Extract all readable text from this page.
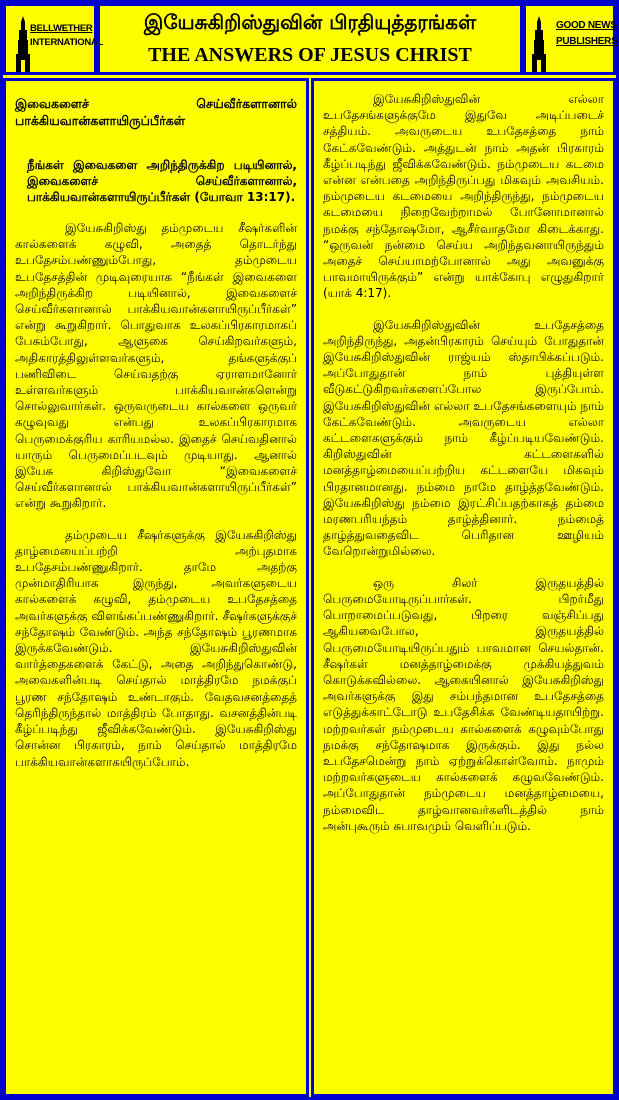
BELLWETHER
INTERNATIONAL
இயேசுகிறிஸ்துவின் பிரதியுத்தரங்கள்
THE ANSWERS OF JESUS CHRIST
GOOD NEWS
PUBLISHERS

இவைகளைச் செய்வீர்களானால் பாக்கியவான்களாயிருப்பீர்கள்

நீங்கள் இவைகளை அறிந்திருக்கிற படியினால், இவைகளைச் செய்வீர்களானால், பாக்கியவான்களாயிருப்பீர்கள் (யோவா 13:17).

இயேசுகிறிஸ்து தம்முடைய சீஷர்களின் கால்களைக் கழுவி, அதைத் தொடர்ந்து உபதேசம்பண்ணும்போது, தம்முடைய உபதேசத்தின் முடிவுரையாக “நீங்கள் இவைகளை அறிந்திருக்கிற படியினால், இவைகளைச் செய்வீர்களானால் பாக்கியவான்களாயிருப்பீர்கள்” என்று கூறுகிறார். பொதுவாக உலகப்பிரகாரமாகப் பேசும்போது, ஆளுகை செய்கிறவர்களும், அதிகாரத்திலுள்ளவர்களும், தங்களுக்குப் பணிவிடை செய்வதற்கு ஏராளமானோர் உள்ளவர்களும் பாக்கியவான்களென்று சொல்லுவார்கள். ஒருவருடைய கால்களை ஒருவர் கழுவுவது என்பது உலகப்பிரகாரமாக பெருமைக்குரிய காரியமல்ல. இதைச் செய்வதினால் யாரும் பெருமைப்படவும் முடியாது. ஆனால் இயேசு கிறிஸ்துவோ “இவைகளைச் செய்வீர்களானால் பாக்கியவான்களாயிருப்பீர்கள்” என்று கூறுகிறார்.

தம்முடைய சீஷர்களுக்கு இயேசுகிறிஸ்து தாழ்மையைப்பற்றி அற்புதமாக உபதேசம்பண்ணுகிறார். தாமே அதற்கு முன்மாதிரியாக இருந்து, அவர்களுடைய கால்களைக் கழுவி, தம்முடைய உபதேசத்தை அவர்களுக்கு விளங்கப்பண்ணுகிறார். சீஷர்களுக்குச் சந்தோஷம் வேண்டும். அந்த சந்தோஷம் பூரணமாக இருக்கவேண்டும். இயேசுகிறிஸ்துவின் வார்த்தைகளைக் கேட்டு, அதை அறிந்துகொண்டு, அவைகளின்படி செய்தால் மாத்திரமே நமக்குப் பூரண சந்தோஷம் உண்டாகும். வேதவசனத்தைத் தெரிந்திருந்தால் மாத்திரம் போதாது. வசனத்தின்படி கீழ்ப்படிந்து ஜீவிக்கவேண்டும். இயேசுகிறிஸ்து சொன்ன பிரகாரம், நாம் செய்தால் மாத்திரமே பாக்கியவான்களாகயிருப்போம்.

இயேசுகிறிஸ்துவின் எல்லா உபதேசங்களுக்குமே இதுவே அடிப்படைச் சத்தியம். அவருடைய உபதேசத்தை நாம் கேட்கவேண்டும். அத்துடன் நாம் அதன் பிரகாரம் கீழ்ப்படிந்து ஜீவிக்கவேண்டும். நம்முடைய கடமை என்ன என்பதை அறிந்திருப்பது மிகவும் அவசியம். நம்முடைய கடமையை அறிந்திருந்து, நம்முடைய கடமையை நிறைவேற்றாமல் போனோமானால் நமக்கு சந்தோஷமோ, ஆசீர்வாதமோ கிடைக்காது. “ஒருவன் நன்மை செய்ய அறிந்தவனாயிருந்தும் அதைச் செய்யாமற்போனால் அது அவனுக்கு பாவமாயிருக்கும்” என்று யாக்கோபு எழுதுகிறார் (யாக் 4:17).

இயேசுகிறிஸ்துவின் உபதேசத்தை அறிந்திருந்து, அதன்பிரகாரம் செய்யும் போதுதான் இயேசுகிறிஸ்துவின் ராஜ்யம் ஸ்தாபிக்கப்படும். அப்போதுதான் நாம் புத்தியுள்ள வீடுகட்டுகிறவர்களைப்போல இருப்போம். இயேசுகிறிஸ்துவின் எல்லா உபதேசங்களையும் நாம் கேட்கவேண்டும். அவருடைய எல்லா கட்டளைகளுக்கும் நாம் கீழ்ப்படியவேண்டும். கிறிஸ்துவின் கட்டளைகளில் மனத்தாழ்மையைப்பற்றிய கட்டளையே மிகவும் பிரதானமானது. நம்மை நாமே தாழ்த்தவேண்டும். இயேசுகிறிஸ்து நம்மை இரட்சிப்பதற்காகத் தம்மை மரணபரியந்தம் தாழ்த்தினார். நம்மைத் தாழ்த்துவதைவிட பெரிதான ஊழியம் வேறொன்றுமில்லை.

ஒரு சிலர் இருதயத்தில் பெருமையோடிருப்பார்கள். பிறர்மீது பொறாமைப்படுவது, பிறரை வஞ்சிப்பது ஆகியவைபோல, இருதயத்தில் பெருமையோடியிருப்பதும் பாவமான செயல்தான். சீஷர்கள் மனத்தாழ்மைக்கு முக்கியத்துவம் கொடுக்கவில்லை. ஆகையினால் இயேசுகிறிஸ்து அவர்களுக்கு இது சம்பந்தமான உபதேசத்தை எடுத்துக்காட்டோடு உபதேசிக்க வேண்டியதாயிற்று. மற்றவர்கள் நம்முடைய கால்களைக் கழுவும்போது நமக்கு சந்தோஷமாக இருக்கும். இது நல்ல உபதேசமென்று நாம் ஏற்றுக்கொள்வோம். நாமும் மற்றவர்களுடைய கால்களைக் கழுவவேண்டும். அப்போதுதான் நம்முடைய மனத்தாழ்மையை, நம்மைவிட தாழ்வானவர்களிடத்தில் நாம் அன்புகூரும் சுபாவமும் வெளிப்படும்.
